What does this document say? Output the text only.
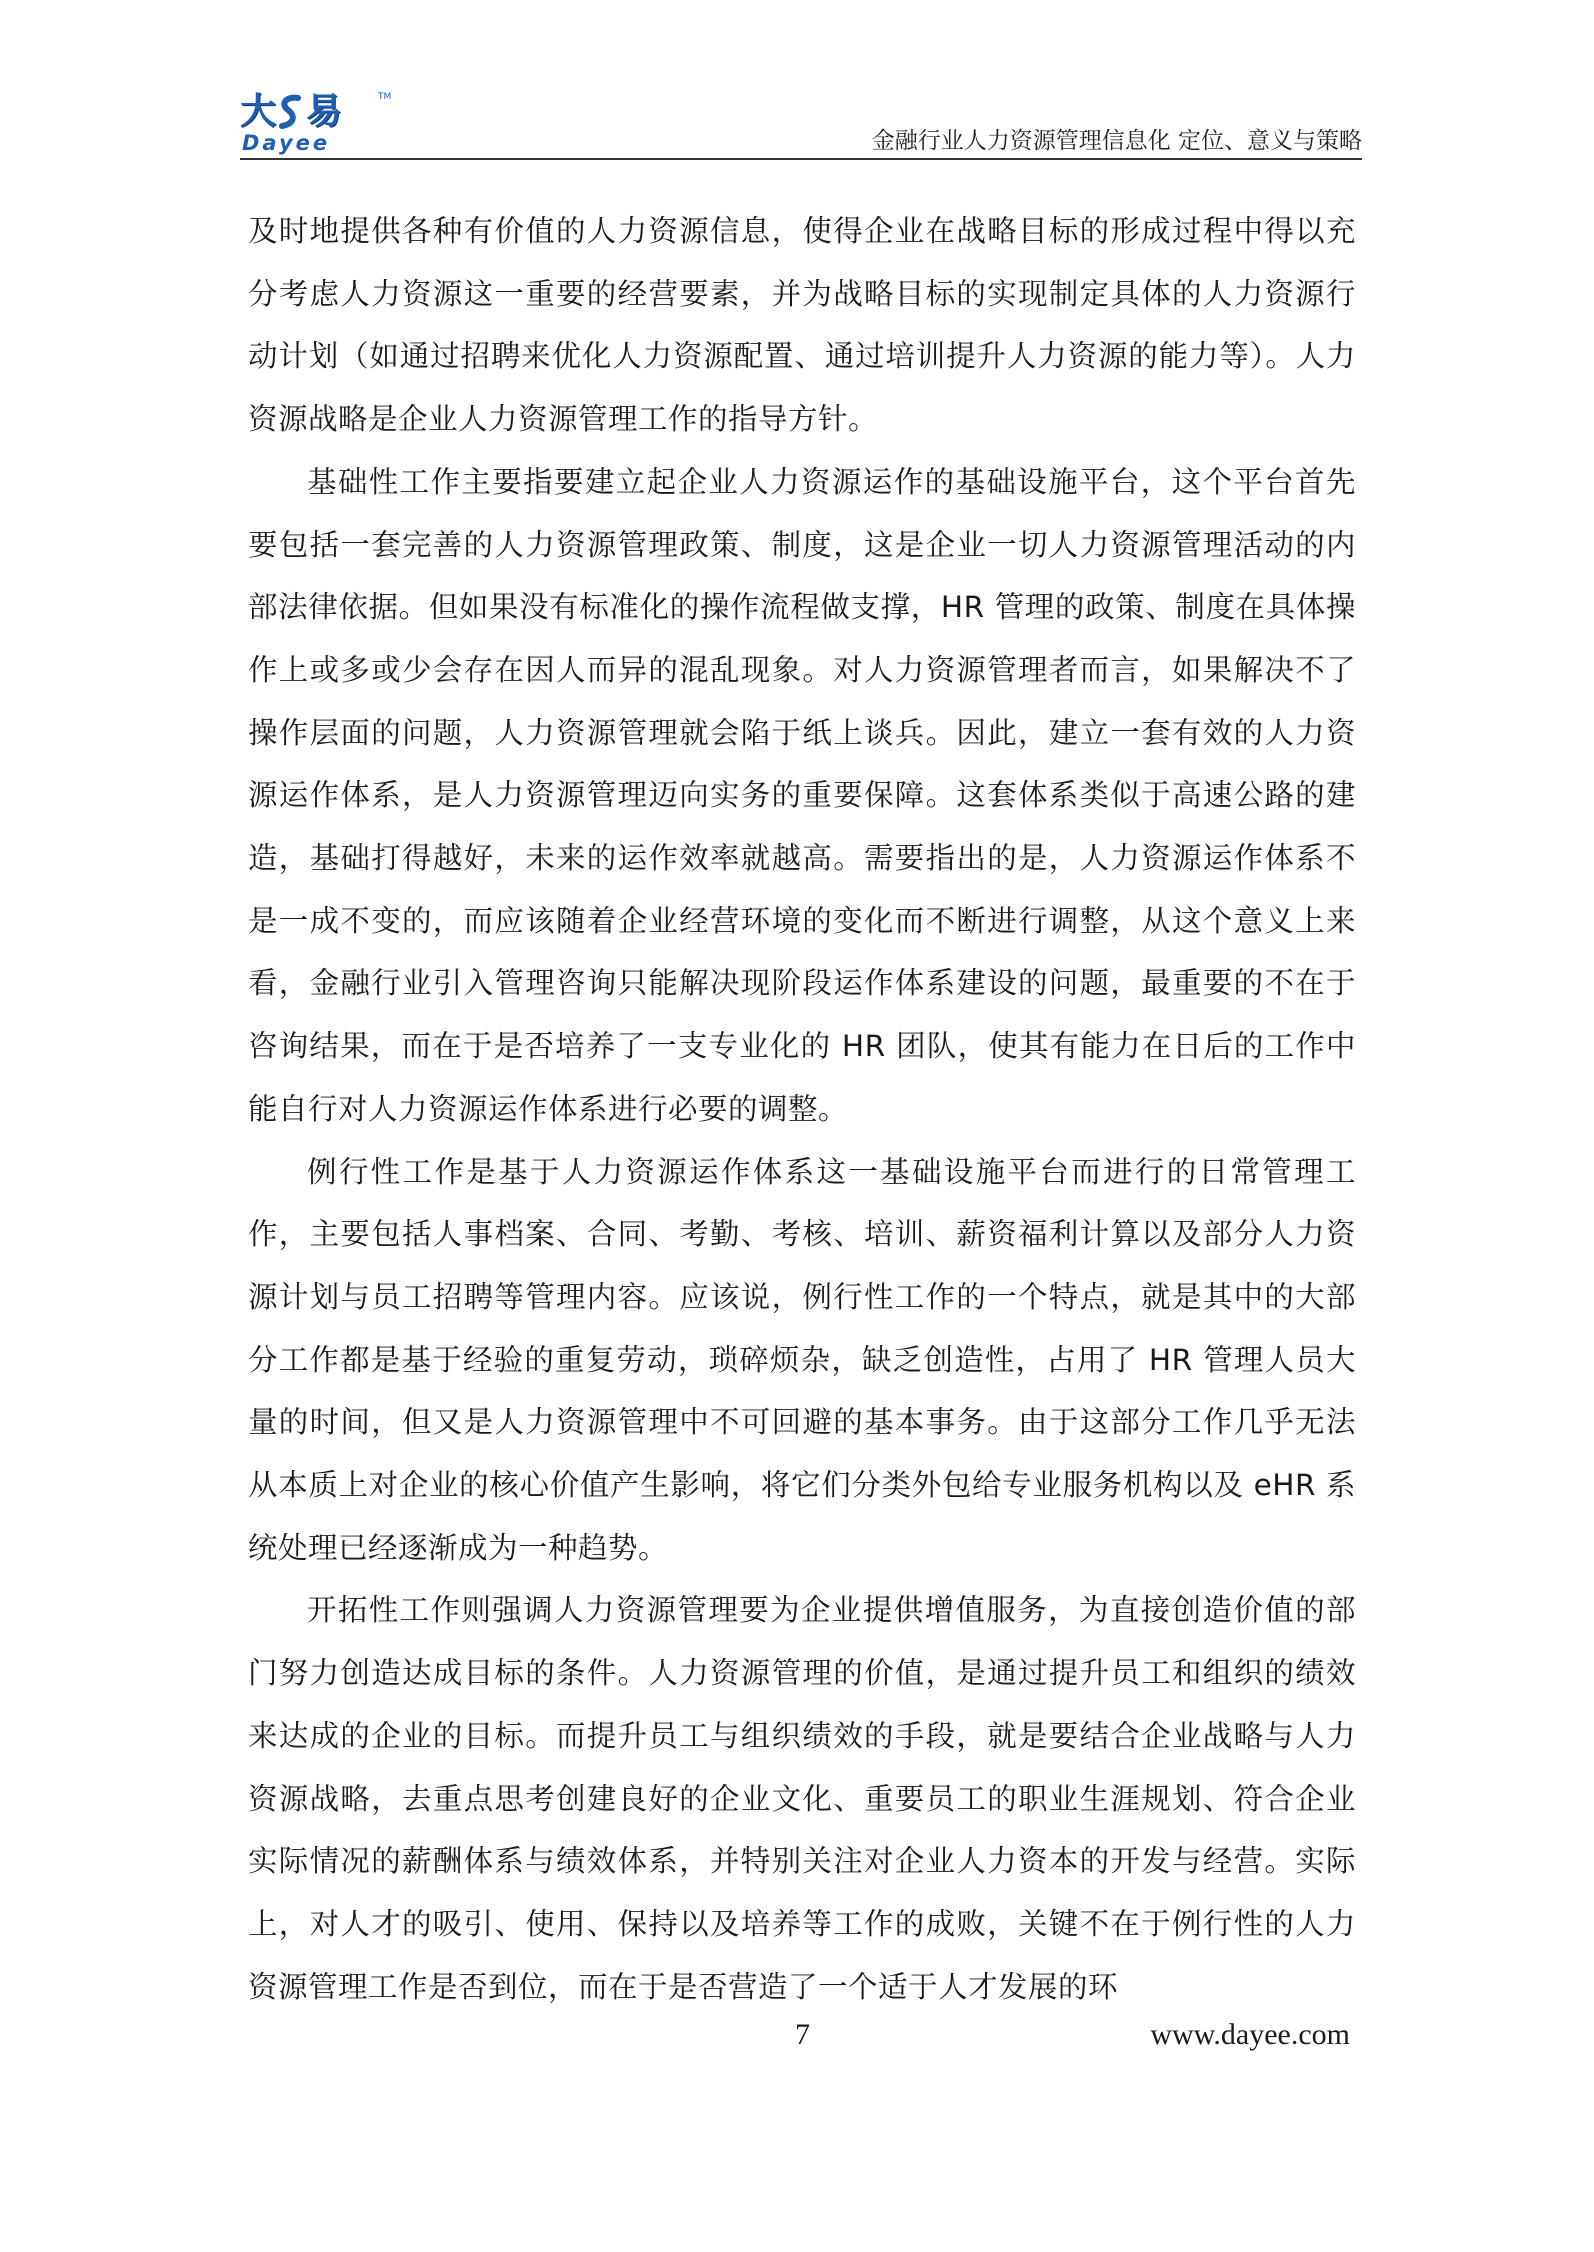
大 易
Dayee
TM
金融行业人力资源管理信息化 定位、意义与策略

及时地提供各种有价值的人力资源信息，使得企业在战略目标的形成过程中得以充分考虑人力资源这一重要的经营要素，并为战略目标的实现制定具体的人力资源行动计划（如通过招聘来优化人力资源配置、通过培训提升人力资源的能力等）。人力资源战略是企业人力资源管理工作的指导方针。

基础性工作主要指要建立起企业人力资源运作的基础设施平台，这个平台首先要包括一套完善的人力资源管理政策、制度，这是企业一切人力资源管理活动的内部法律依据。但如果没有标准化的操作流程做支撑，HR 管理的政策、制度在具体操作上或多或少会存在因人而异的混乱现象。对人力资源管理者而言，如果解决不了操作层面的问题，人力资源管理就会陷于纸上谈兵。因此，建立一套有效的人力资源运作体系，是人力资源管理迈向实务的重要保障。这套体系类似于高速公路的建造，基础打得越好，未来的运作效率就越高。需要指出的是，人力资源运作体系不是一成不变的，而应该随着企业经营环境的变化而不断进行调整，从这个意义上来看，金融行业引入管理咨询只能解决现阶段运作体系建设的问题，最重要的不在于咨询结果，而在于是否培养了一支专业化的 HR 团队，使其有能力在日后的工作中能自行对人力资源运作体系进行必要的调整。

例行性工作是基于人力资源运作体系这一基础设施平台而进行的日常管理工作，主要包括人事档案、合同、考勤、考核、培训、薪资福利计算以及部分人力资源计划与员工招聘等管理内容。应该说，例行性工作的一个特点，就是其中的大部分工作都是基于经验的重复劳动，琐碎烦杂，缺乏创造性，占用了 HR 管理人员大量的时间，但又是人力资源管理中不可回避的基本事务。由于这部分工作几乎无法从本质上对企业的核心价值产生影响，将它们分类外包给专业服务机构以及 eHR 系统处理已经逐渐成为一种趋势。

开拓性工作则强调人力资源管理要为企业提供增值服务，为直接创造价值的部门努力创造达成目标的条件。人力资源管理的价值，是通过提升员工和组织的绩效来达成的企业的目标。而提升员工与组织绩效的手段，就是要结合企业战略与人力资源战略，去重点思考创建良好的企业文化、重要员工的职业生涯规划、符合企业实际情况的薪酬体系与绩效体系，并特别关注对企业人力资本的开发与经营。实际上，对人才的吸引、使用、保持以及培养等工作的成败，关键不在于例行性的人力资源管理工作是否到位，而在于是否营造了一个适于人才发展的环

7	www.dayee.com
